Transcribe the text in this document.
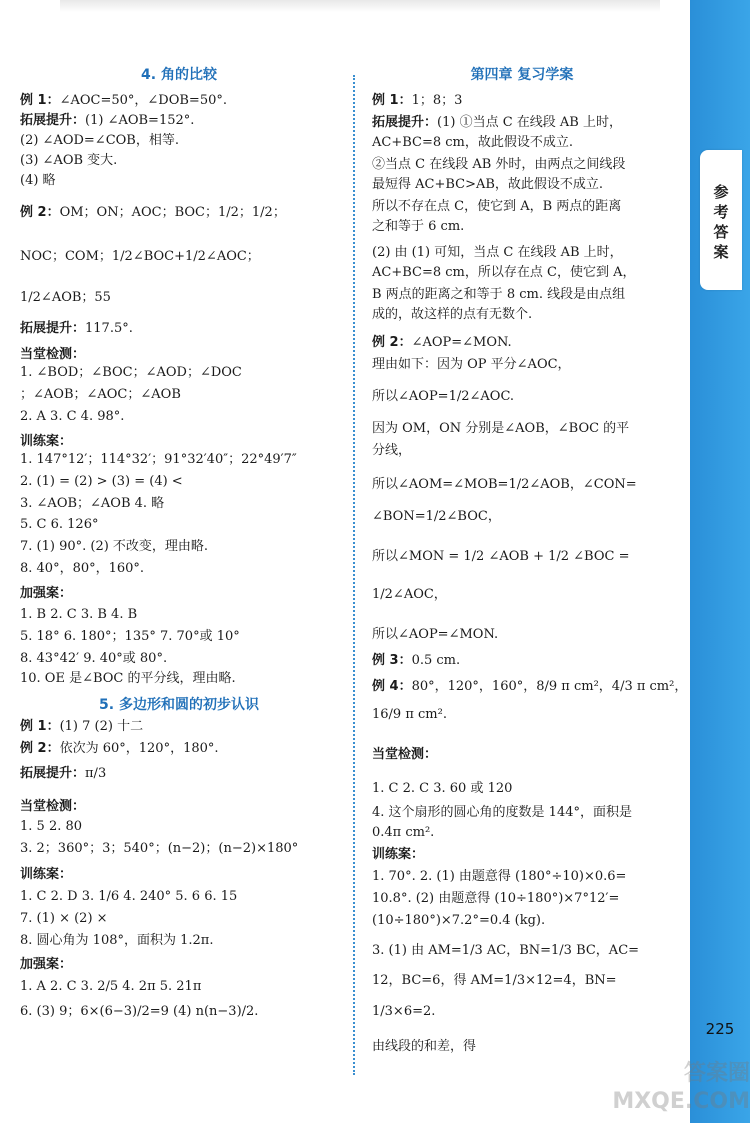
4. 角的比较
例 1：∠AOC=50°，∠DOB=50°.
拓展提升：(1) ∠AOB=152°.
(2) ∠AOD=∠COB，相等.
(3) ∠AOB 变大.
(4) 略
例 2：OM；ON；AOC；BOC；1/2；1/2；
NOC；COM；1/2∠BOC+1/2∠AOC；
1/2∠AOB；55
拓展提升：117.5°.
当堂检测：
1. ∠BOD；∠BOC；∠AOD；∠DOC
；∠AOB；∠AOC；∠AOB
2. A 3. C 4. 98°.
训练案：
1. 147°12′；114°32′；91°32′40″；22°49′7″
2. (1) = (2) > (3) = (4) <
3. ∠AOB；∠AOB 4. 略
5. C 6. 126°
7. (1) 90°. (2) 不改变，理由略.
8. 40°，80°，160°.
加强案：
1. B 2. C 3. B 4. B
5. 18° 6. 180°；135° 7. 70°或 10°
8. 43°42′ 9. 40°或 80°.
10. OE 是∠BOC 的平分线，理由略.
5. 多边形和圆的初步认识
例 1：(1) 7 (2) 十二
例 2：依次为 60°，120°，180°.
拓展提升：π/3
当堂检测：
1. 5 2. 80
3. 2；360°；3；540°；(n−2)；(n−2)×180°
训练案：
1. C 2. D 3. 1/6 4. 240° 5. 6 6. 15
7. (1) × (2) ×
8. 圆心角为 108°，面积为 1.2π.
加强案：
1. A 2. C 3. 2/5 4. 2π 5. 21π
6. (3) 9；6×(6−3)/2=9 (4) n(n−3)/2.
第四章 复习学案
例 1：1；8；3
拓展提升：(1) ①当点 C 在线段 AB 上时，
AC+BC=8 cm，故此假设不成立.
②当点 C 在线段 AB 外时，由两点之间线段
最短得 AC+BC>AB，故此假设不成立.
所以不存在点 C，使它到 A，B 两点的距离
之和等于 6 cm.
(2) 由 (1) 可知，当点 C 在线段 AB 上时，
AC+BC=8 cm，所以存在点 C，使它到 A，
B 两点的距离之和等于 8 cm. 线段是由点组
成的，故这样的点有无数个.
例 2：∠AOP=∠MON.
理由如下：因为 OP 平分∠AOC，
所以∠AOP=1/2∠AOC.
因为 OM，ON 分别是∠AOB，∠BOC 的平
分线，
所以∠AOM=∠MOB=1/2∠AOB，∠CON=
∠BON=1/2∠BOC，
所以∠MON = 1/2 ∠AOB + 1/2 ∠BOC =
1/2∠AOC，
所以∠AOP=∠MON.
例 3：0.5 cm.
例 4：80°，120°，160°，8/9 π cm²，4/3 π cm²，
16/9 π cm².
当堂检测：
1. C 2. C 3. 60 或 120
4. 这个扇形的圆心角的度数是 144°，面积是
0.4π cm².
训练案：
1. 70°. 2. (1) 由题意得 (180°÷10)×0.6=
10.8°. (2) 由题意得 (10÷180°)×7°12′=
(10÷180°)×7.2°=0.4 (kg).
3. (1) 由 AM=1/3 AC，BN=1/3 BC，AC=
12，BC=6，得 AM=1/3×12=4，BN=
1/3×6=2.
由线段的和差，得
参考答案
225
答案圈
MXQE.COM
